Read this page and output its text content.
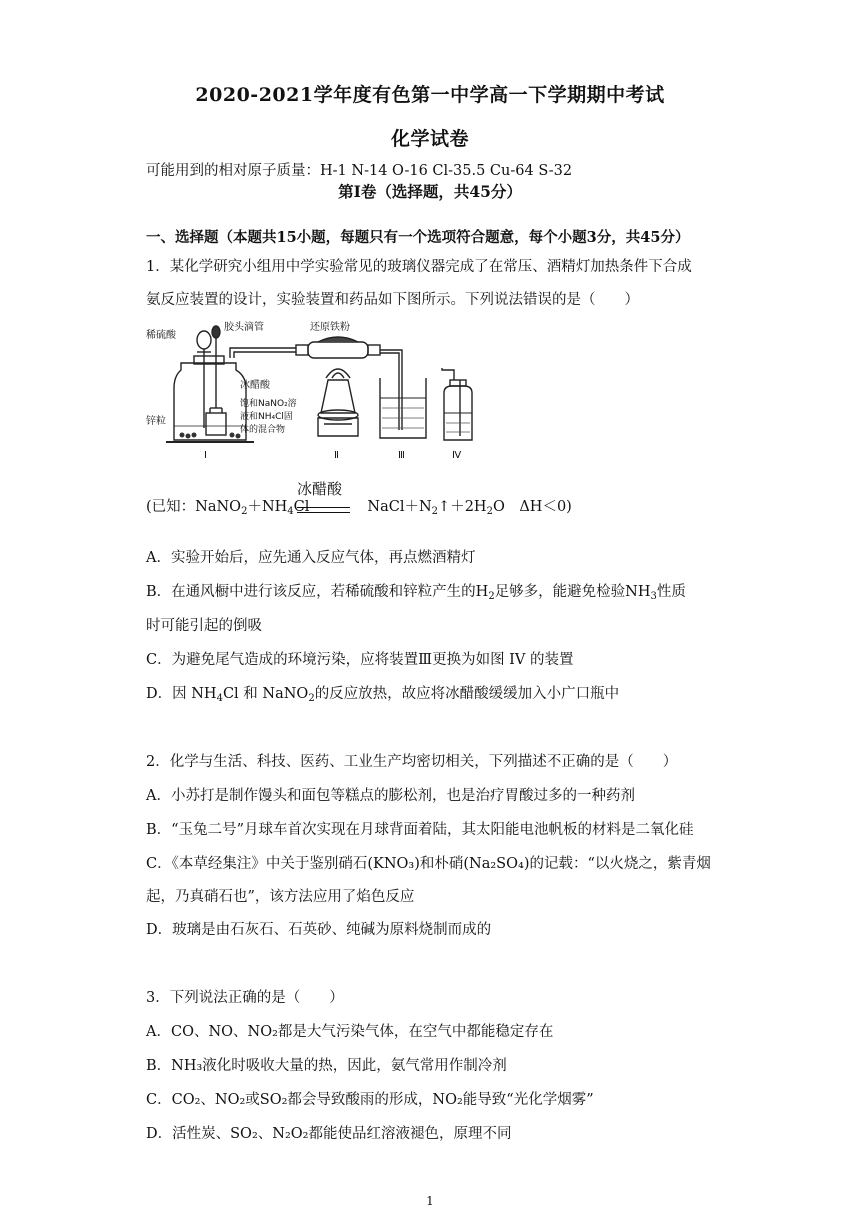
2020-2021学年度有色第一中学高一下学期期中考试
化学试卷
可能用到的相对原子质量：H-1 N-14 O-16 Cl-35.5 Cu-64 S-32
第Ⅰ卷（选择题，共45分）
一、选择题（本题共15小题，每题只有一个选项符合题意，每个小题3分，共45分）
1．某化学研究小组用中学实验常见的玻璃仪器完成了在常压、酒精灯加热条件下合成
氨反应装置的设计，实验装置和药品如下图所示。下列说法错误的是（　　）
稀硫酸
胶头滴管	还原铁粉
冰醋酸
饱和NaNO₂溶
液和NH₄Cl固
体的混合物
锌粒
Ⅰ	Ⅱ	Ⅲ	Ⅳ
冰醋酸
(已知：$NaNO_2+NH_4Cl$	$NaCl+N_2↑+2H_2O$　ΔH＜0)
A．实验开始后，应先通入反应气体，再点燃酒精灯
B．在通风橱中进行该反应，若稀硫酸和锌粒产生的$H_2$足够多，能避免检验$NH_3$性质
时可能引起的倒吸
C．为避免尾气造成的环境污染，应将装置Ⅲ更换为如图 IV 的装置
D．因 $NH_4Cl$ 和 NaNO$_2$的反应放热，故应将冰醋酸缓缓加入小广口瓶中
2．化学与生活、科技、医药、工业生产均密切相关，下列描述不正确的是（　　）
A．小苏打是制作馒头和面包等糕点的膨松剂，也是治疗胃酸过多的一种药剂
B．“玉兔二号”月球车首次实现在月球背面着陆，其太阳能电池帆板的材料是二氧化硅
C．《本草经集注》中关于鉴别硝石(KNO₃)和朴硝(Na₂SO₄)的记载：“以火烧之，紫青烟
起，乃真硝石也”，该方法应用了焰色反应
D．玻璃是由石灰石、石英砂、纯碱为原料烧制而成的
3．下列说法正确的是（　　）
A．CO、NO、NO₂都是大气污染气体，在空气中都能稳定存在
B．NH₃液化时吸收大量的热，因此，氨气常用作制冷剂
C．CO₂、NO₂或SO₂都会导致酸雨的形成，NO₂能导致“光化学烟雾”
D．活性炭、SO₂、N₂O₂都能使品红溶液褪色，原理不同
1
